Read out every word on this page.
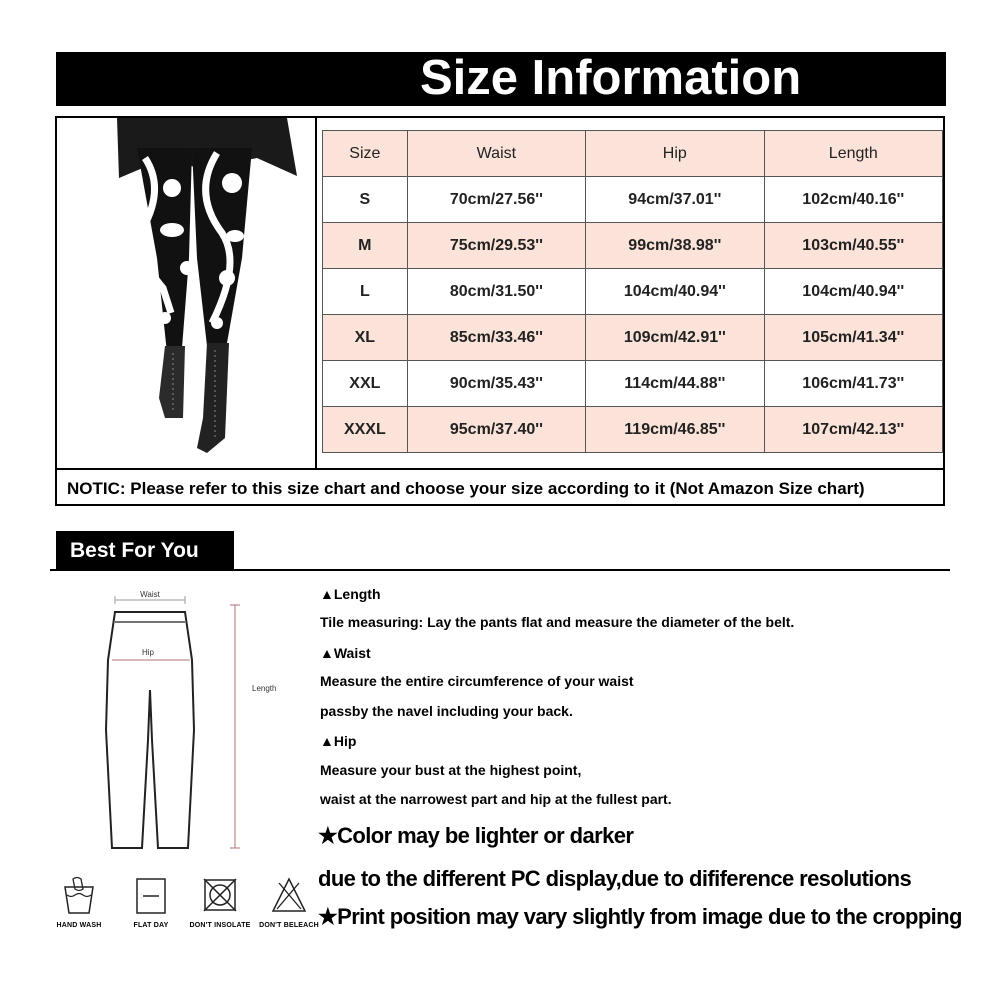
Size Information
Size	Waist	Hip	Length
S	70cm/27.56''	94cm/37.01''	102cm/40.16''
M	75cm/29.53''	99cm/38.98''	103cm/40.55''
L	80cm/31.50''	104cm/40.94''	104cm/40.94''
XL	85cm/33.46''	109cm/42.91''	105cm/41.34''
XXL	90cm/35.43''	114cm/44.88''	106cm/41.73''
XXXL	95cm/37.40''	119cm/46.85''	107cm/42.13''
NOTIC: Please refer to this size chart and choose your size according to it (Not Amazon Size chart)
Best For You
Waist
Hip
Length
HAND WASH	FLAT DAY	DON'T INSOLATE	DON'T BELEACH
▲Length
Tile measuring: Lay the pants flat and measure the diameter of the belt.
▲Waist
Measure the entire circumference of your waist
passby the navel including your back.
▲Hip
Measure your bust at the highest point,
waist at the narrowest part and hip at the fullest part.
★Color may be lighter or darker
due to the different PC display,due to difiference resolutions
★Print position may vary slightly from image due to the cropping
